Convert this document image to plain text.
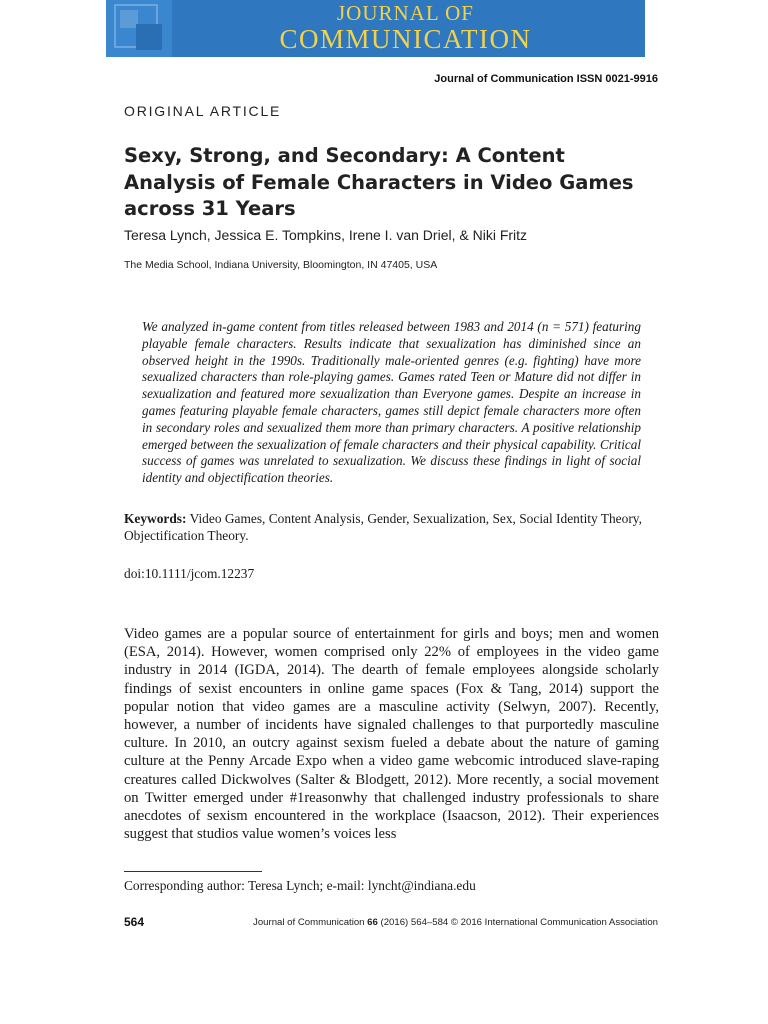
JOURNAL OF
COMMUNICATION
Journal of Communication ISSN 0021-9916
ORIGINAL ARTICLE
Sexy, Strong, and Secondary: A Content Analysis of Female Characters in Video Games across 31 Years
Teresa Lynch, Jessica E. Tompkins, Irene I. van Driel, & Niki Fritz
The Media School, Indiana University, Bloomington, IN 47405, USA
We analyzed in-game content from titles released between 1983 and 2014 (n = 571) featuring playable female characters. Results indicate that sexualization has diminished since an observed height in the 1990s. Traditionally male-oriented genres (e.g. fighting) have more sexualized characters than role-playing games. Games rated Teen or Mature did not differ in sexualization and featured more sexualization than Everyone games. Despite an increase in games featuring playable female characters, games still depict female characters more often in secondary roles and sexualized them more than primary characters. A positive relationship emerged between the sexualization of female characters and their physical capability. Critical success of games was unrelated to sexualization. We discuss these findings in light of social identity and objectification theories.
Keywords: Video Games, Content Analysis, Gender, Sexualization, Sex, Social Identity Theory, Objectification Theory.
doi:10.1111/jcom.12237
Video games are a popular source of entertainment for girls and boys; men and women (ESA, 2014). However, women comprised only 22% of employees in the video game industry in 2014 (IGDA, 2014). The dearth of female employees alongside scholarly findings of sexist encounters in online game spaces (Fox & Tang, 2014) support the popular notion that video games are a masculine activity (Selwyn, 2007). Recently, however, a number of incidents have signaled challenges to that purportedly masculine culture. In 2010, an outcry against sexism fueled a debate about the nature of gaming culture at the Penny Arcade Expo when a video game webcomic introduced slave-raping creatures called Dickwolves (Salter & Blodgett, 2012). More recently, a social movement on Twitter emerged under #1reasonwhy that challenged industry professionals to share anecdotes of sexism encountered in the workplace (Isaacson, 2012). Their experiences suggest that studios value women’s voices less
Corresponding author: Teresa Lynch; e-mail: lyncht@indiana.edu
564	Journal of Communication 66 (2016) 564–584 © 2016 International Communication Association
